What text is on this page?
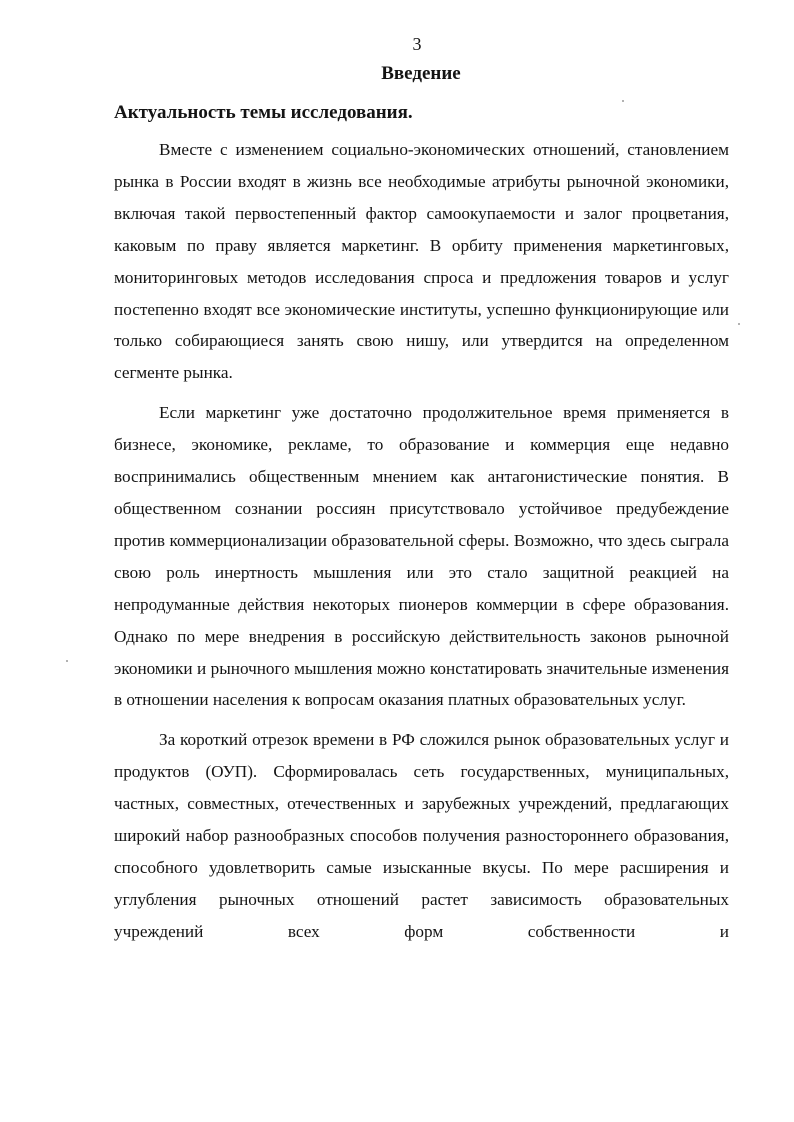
3
Введение
Актуальность темы исследования.

Вместе с изменением социально-экономических отношений, становлением рынка в России входят в жизнь все необходимые атрибуты рыночной экономики, включая такой первостепенный фактор самоокупаемости и залог процветания, каковым по праву является маркетинг. В орбиту применения маркетинговых, мониторинговых методов исследования спроса и предложения товаров и услуг постепенно входят все экономические институты, успешно функционирующие или только собирающиеся занять свою нишу, или утвердится на определенном сегменте рынка.

Если маркетинг уже достаточно продолжительное время применяется в бизнесе, экономике, рекламе, то образование и коммерция еще недавно воспринимались общественным мнением как антагонистические понятия. В общественном сознании россиян присутствовало устойчивое предубеждение против коммерционализации образовательной сферы. Возможно, что здесь сыграла свою роль инертность мышления или это стало защитной реакцией на непродуманные действия некоторых пионеров коммерции в сфере образования. Однако по мере внедрения в российскую действительность законов рыночной экономики и рыночного мышления можно констатировать значительные изменения в отношении населения к вопросам оказания платных образовательных услуг.

За короткий отрезок времени в РФ сложился рынок образовательных услуг и продуктов (ОУП). Сформировалась сеть государственных, муниципальных, частных, совместных, отечественных и зарубежных учреждений, предлагающих широкий набор разнообразных способов получения разностороннего образования, способного удовлетворить самые изысканные вкусы. По мере расширения и углубления рыночных отношений растет зависимость образовательных учреждений всех форм собственности и
